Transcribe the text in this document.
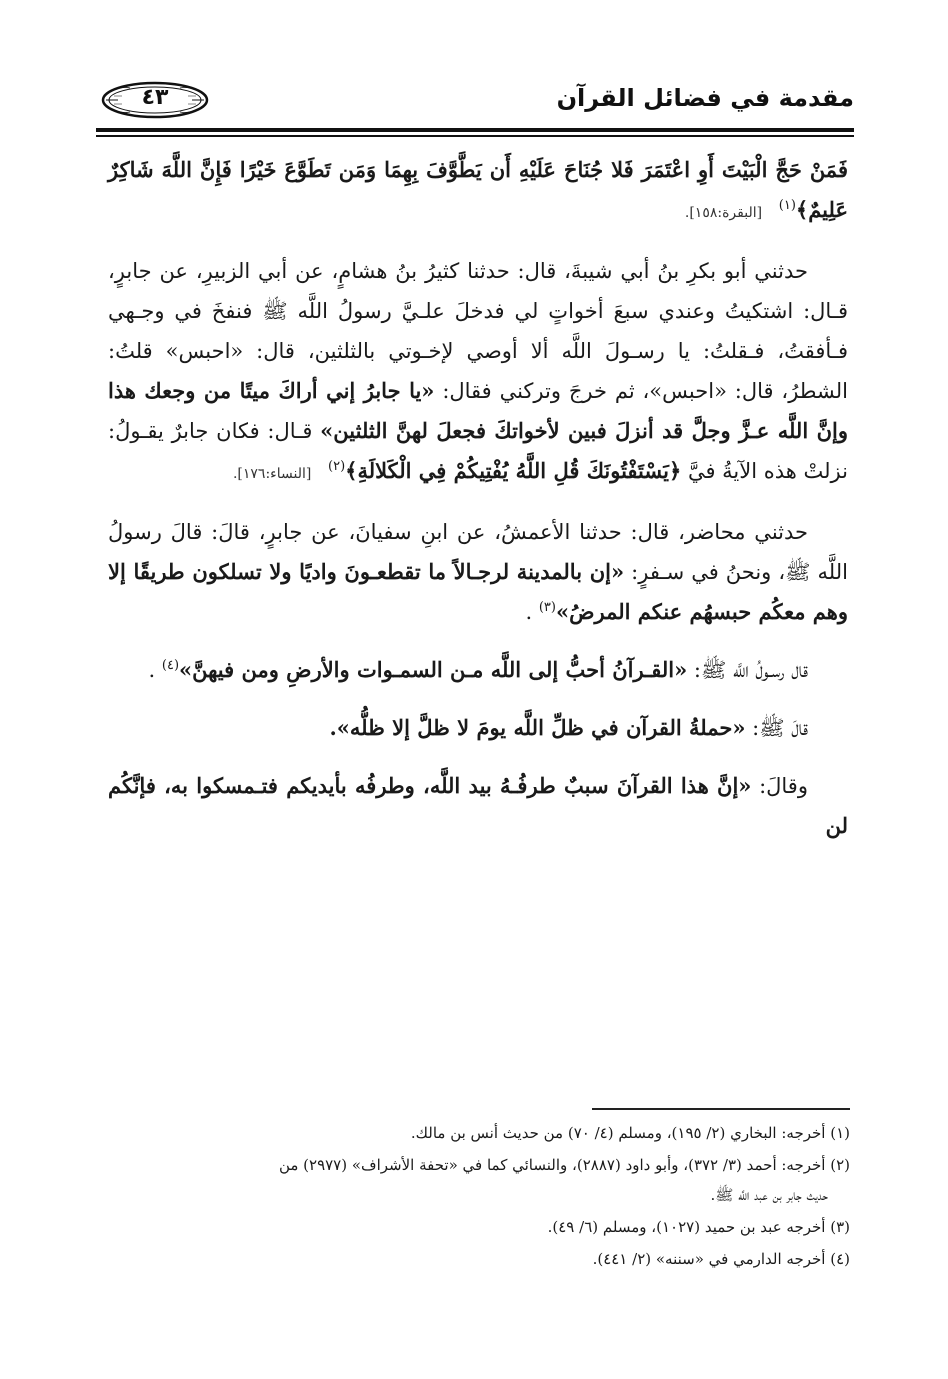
مقدمة في فضائل القرآن
٤٣

فَمَنْ حَجَّ الْبَيْتَ أَوِ اعْتَمَرَ فَلا جُنَاحَ عَلَيْهِ أَن يَطَّوَّفَ بِهِمَا وَمَن تَطَوَّعَ خَيْرًا فَإِنَّ اللَّهَ شَاكِرٌ عَلِيمٌ﴾$^{(١)}$ [البقرة:١٥٨].

حدثني أبو بكرِ بنُ أبي شيبةَ، قال: حدثنا كثيرُ بنُ هشامٍ، عن أبي الزبيرِ، عن جابرٍ، قـال: اشتكيتُ وعندي سبعَ أخواتٍ لي فدخلَ علـيَّ رسولُ اللَّه ﷺ فنفخَ في وجـهي فـأفقتُ، فـقلتُ: يا رسـولَ اللَّه ألا أوصي لإخـوتي بالثلثين، قال: «احبس» قلتُ: الشطرُ، قال: «احبس»، ثم خرجَ وتركني فقال: «يا جابرُ إني أراكَ ميتًا من وجعك هذا وإنَّ اللَّه عـزَّ وجلَّ قد أنزلَ فبين لأخواتكَ فجعلَ لهنَّ الثلثين» قـال: فكان جابرٌ يقـولُ: نزلتْ هذه الآيةُ فيَّ ﴿يَسْتَفْتُونَكَ قُلِ اللَّهُ يُفْتِيكُمْ فِي الْكَلالَةِ﴾$^{(٢)}$ [النساء:١٧٦].

حدثني محاضر، قال: حدثنا الأعمشُ، عن ابنِ سفيانَ، عن جابرٍ، قالَ: قالَ رسولُ اللَّه ﷺ، ونحنُ في سـفرٍ: «إن بالمدينة لرجـالاً ما تقطعـونَ واديًا ولا تسلكون طريقًا إلا وهم معكُم حبسهُم عنكم المرضُ»$^{(٣)}$ .

قال رسـولُ اللَّه ﷺ: «القـرآنُ أحبُّ إلى اللَّه مـن السمـوات والأرضِ ومن فيهنَّ»$^{(٤)}$ .

قالَ ﷺ: «حملةُ القرآن في ظلِّ اللَّه يومَ لا ظلَّ إلا ظلُّه».

وقالَ: «إنَّ هذا القرآنَ سببٌ طرفُـهُ بيد اللَّه، وطرفُه بأيديكم فتـمسكوا به، فإنَّكُم لن

(١) أخرجه: البخاري (٢/ ١٩٥)، ومسلم (٤/ ٧٠) من حديث أنس بن مالك.
(٢) أخرجه: أحمد (٣/ ٣٧٢)، وأبو داود (٢٨٨٧)، والنسائي كما في «تحفة الأشراف» (٢٩٧٧) من
حديث جابر بن عبد اللَّه ﷺ.
(٣) أخرجه عبد بن حميد (١٠٢٧)، ومسلم (٦/ ٤٩).
(٤) أخرجه الدارمي في «سننه» (٢/ ٤٤١).
